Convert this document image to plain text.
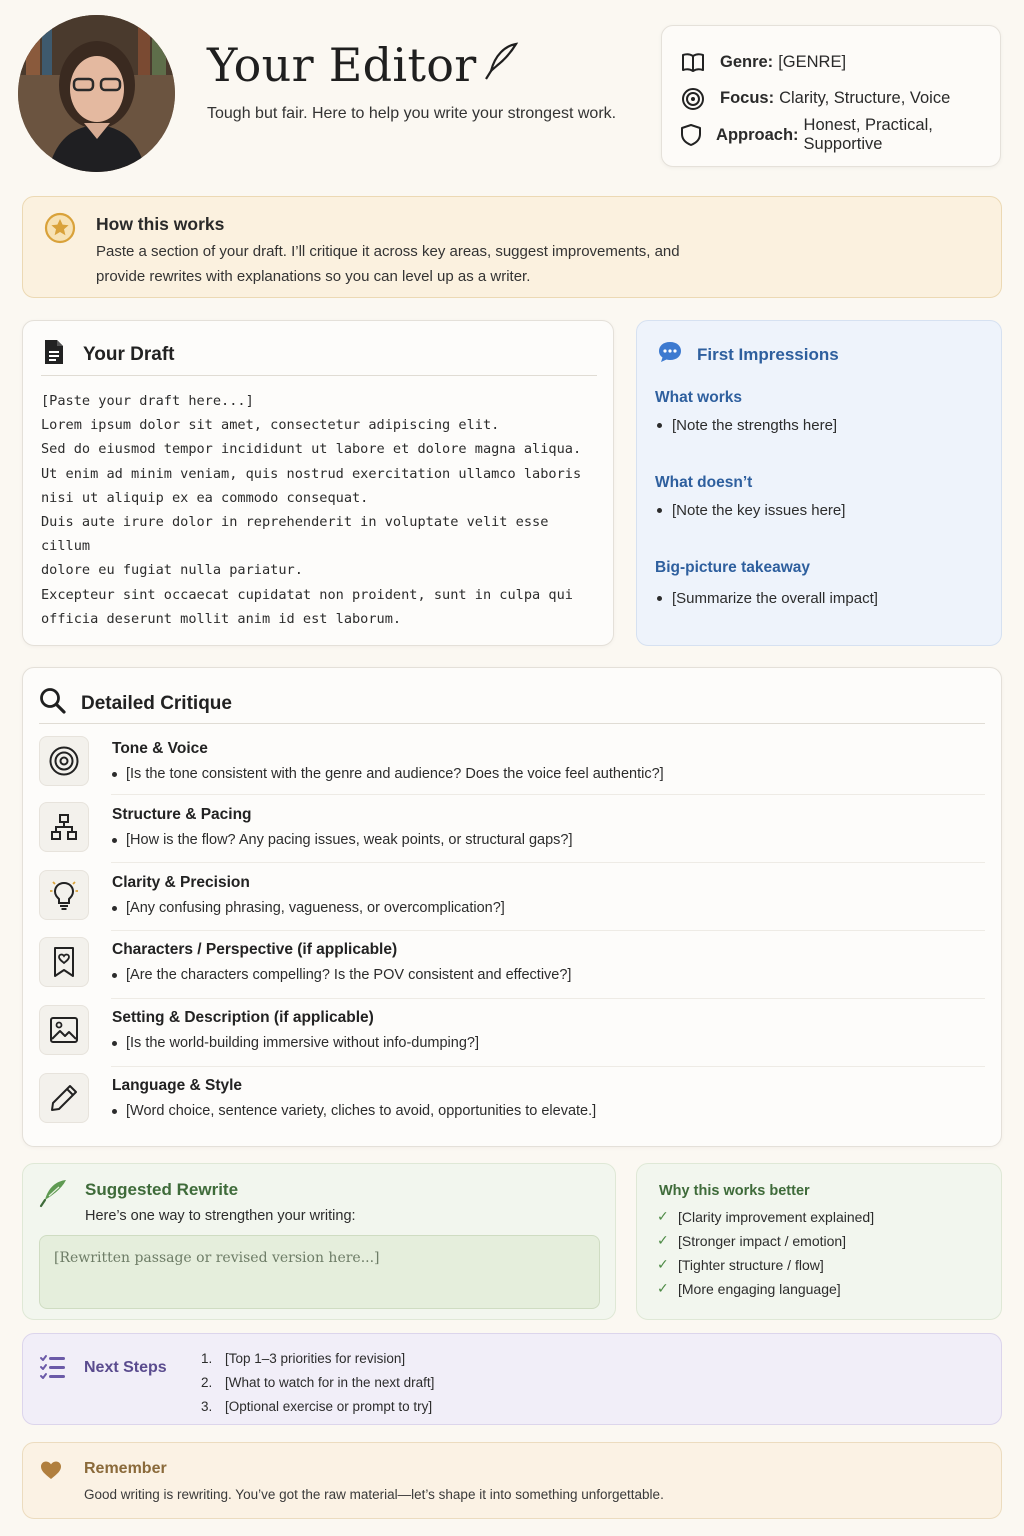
Your Editor
Tough but fair. Here to help you write your strongest work.
Genre: [GENRE]
Focus: Clarity, Structure, Voice
Approach:
Honest, Practical, Supportive
How this works
Paste a section of your draft. I’ll critique it across key areas, suggest improvements, and provide rewrites with explanations so you can level up as a writer.
Your Draft
[Paste your draft here...]
Lorem ipsum dolor sit amet, consectetur adipiscing elit.
Sed do eiusmod tempor incididunt ut labore et dolore magna aliqua.
Ut enim ad minim veniam, quis nostrud exercitation ullamco laboris
nisi ut aliquip ex ea commodo consequat.
Duis aute irure dolor in reprehenderit in voluptate velit esse cillum
dolore eu fugiat nulla pariatur.
Excepteur sint occaecat cupidatat non proident, sunt in culpa qui
officia deserunt mollit anim id est laborum.
First Impressions
What works
[Note the strengths here]
What doesn’t
[Note the key issues here]
Big-picture takeaway
[Summarize the overall impact]
Detailed Critique
Tone & Voice
[Is the tone consistent with the genre and audience? Does the voice feel authentic?]
Structure & Pacing
[How is the flow? Any pacing issues, weak points, or structural gaps?]
Clarity & Precision
[Any confusing phrasing, vagueness, or overcomplication?]
Characters / Perspective (if applicable)
[Are the characters compelling? Is the POV consistent and effective?]
Setting & Description (if applicable)
[Is the world-building immersive without info-dumping?]
Language & Style
[Word choice, sentence variety, cliches to avoid, opportunities to elevate.]
Suggested Rewrite
Here’s one way to strengthen your writing:
[Rewritten passage or revised version here...]
Why this works better
✓ [Clarity improvement explained]
✓ [Stronger impact / emotion]
✓ [Tighter structure / flow]
✓ [More engaging language]
Next Steps
1. [Top 1–3 priorities for revision]
2. [What to watch for in the next draft]
3. [Optional exercise or prompt to try]
Remember
Good writing is rewriting. You’ve got the raw material—let’s shape it into something unforgettable.
